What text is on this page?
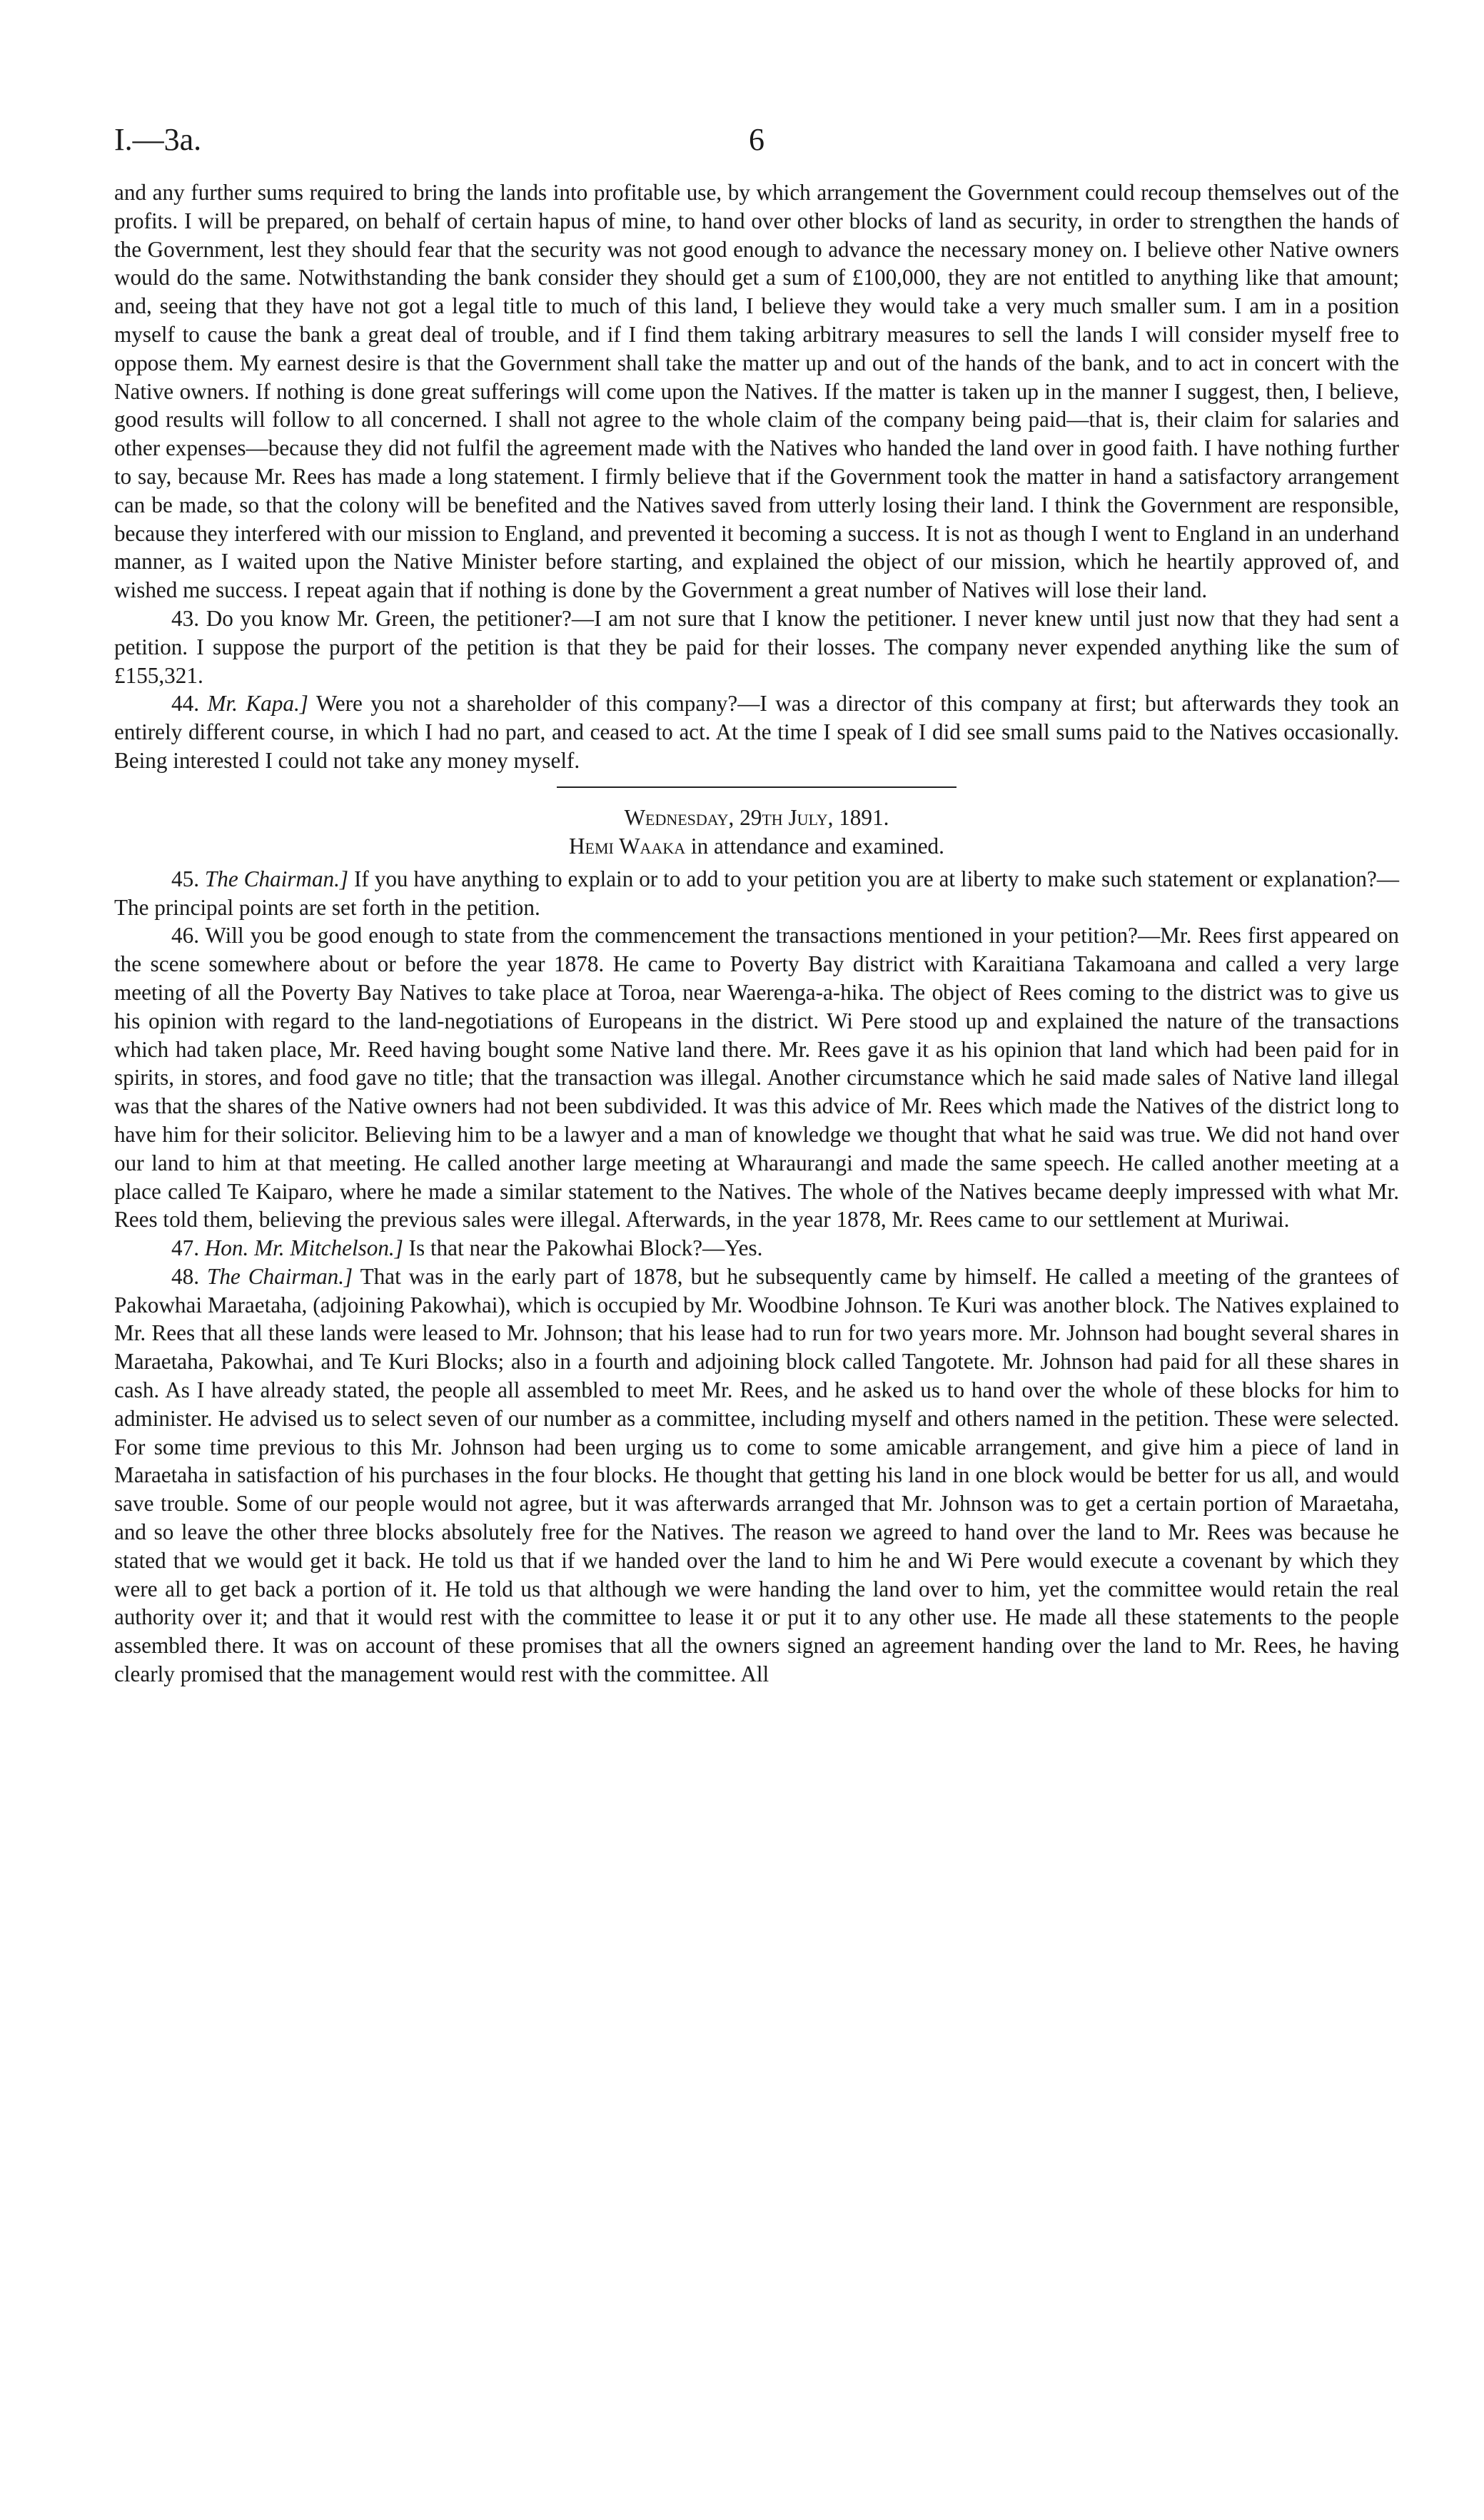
I.—3a.	6

and any further sums required to bring the lands into profitable use, by which arrangement the Government could recoup themselves out of the profits. I will be prepared, on behalf of certain hapus of mine, to hand over other blocks of land as security, in order to strengthen the hands of the Government, lest they should fear that the security was not good enough to advance the necessary money on. I believe other Native owners would do the same. Notwithstanding the bank consider they should get a sum of £100,000, they are not entitled to anything like that amount; and, seeing that they have not got a legal title to much of this land, I believe they would take a very much smaller sum. I am in a position myself to cause the bank a great deal of trouble, and if I find them taking arbitrary measures to sell the lands I will consider myself free to oppose them. My earnest desire is that the Government shall take the matter up and out of the hands of the bank, and to act in concert with the Native owners. If nothing is done great sufferings will come upon the Natives. If the matter is taken up in the manner I suggest, then, I believe, good results will follow to all concerned. I shall not agree to the whole claim of the company being paid—that is, their claim for salaries and other expenses—because they did not fulfil the agreement made with the Natives who handed the land over in good faith. I have nothing further to say, because Mr. Rees has made a long statement. I firmly believe that if the Government took the matter in hand a satisfactory arrangement can be made, so that the colony will be benefited and the Natives saved from utterly losing their land. I think the Government are responsible, because they interfered with our mission to England, and prevented it becoming a success. It is not as though I went to England in an underhand manner, as I waited upon the Native Minister before starting, and explained the object of our mission, which he heartily approved of, and wished me success. I repeat again that if nothing is done by the Government a great number of Natives will lose their land.

43. Do you know Mr. Green, the petitioner?—I am not sure that I know the petitioner. I never knew until just now that they had sent a petition. I suppose the purport of the petition is that they be paid for their losses. The company never expended anything like the sum of £155,321.

44. Mr. Kapa.] Were you not a shareholder of this company?—I was a director of this company at first; but afterwards they took an entirely different course, in which I had no part, and ceased to act. At the time I speak of I did see small sums paid to the Natives occasionally. Being interested I could not take any money myself.

Wednesday, 29th July, 1891.
Hemi Waaka in attendance and examined.

45. The Chairman.] If you have anything to explain or to add to your petition you are at liberty to make such statement or explanation?—The principal points are set forth in the petition.

46. Will you be good enough to state from the commencement the transactions mentioned in your petition?—Mr. Rees first appeared on the scene somewhere about or before the year 1878. He came to Poverty Bay district with Karaitiana Takamoana and called a very large meeting of all the Poverty Bay Natives to take place at Toroa, near Waerenga-a-hika. The object of Rees coming to the district was to give us his opinion with regard to the land-negotiations of Europeans in the district. Wi Pere stood up and explained the nature of the transactions which had taken place, Mr. Reed having bought some Native land there. Mr. Rees gave it as his opinion that land which had been paid for in spirits, in stores, and food gave no title; that the transaction was illegal. Another circumstance which he said made sales of Native land illegal was that the shares of the Native owners had not been subdivided. It was this advice of Mr. Rees which made the Natives of the district long to have him for their solicitor. Believing him to be a lawyer and a man of knowledge we thought that what he said was true. We did not hand over our land to him at that meeting. He called another large meeting at Wharaurangi and made the same speech. He called another meeting at a place called Te Kaiparo, where he made a similar statement to the Natives. The whole of the Natives became deeply impressed with what Mr. Rees told them, believing the previous sales were illegal. Afterwards, in the year 1878, Mr. Rees came to our settlement at Muriwai.

47. Hon. Mr. Mitchelson.] Is that near the Pakowhai Block?—Yes.

48. The Chairman.] That was in the early part of 1878, but he subsequently came by himself. He called a meeting of the grantees of Pakowhai Maraetaha, (adjoining Pakowhai), which is occupied by Mr. Woodbine Johnson. Te Kuri was another block. The Natives explained to Mr. Rees that all these lands were leased to Mr. Johnson; that his lease had to run for two years more. Mr. Johnson had bought several shares in Maraetaha, Pakowhai, and Te Kuri Blocks; also in a fourth and adjoining block called Tangotete. Mr. Johnson had paid for all these shares in cash. As I have already stated, the people all assembled to meet Mr. Rees, and he asked us to hand over the whole of these blocks for him to administer. He advised us to select seven of our number as a committee, including myself and others named in the petition. These were selected. For some time previous to this Mr. Johnson had been urging us to come to some amicable arrangement, and give him a piece of land in Maraetaha in satisfaction of his purchases in the four blocks. He thought that getting his land in one block would be better for us all, and would save trouble. Some of our people would not agree, but it was afterwards arranged that Mr. Johnson was to get a certain portion of Maraetaha, and so leave the other three blocks absolutely free for the Natives. The reason we agreed to hand over the land to Mr. Rees was because he stated that we would get it back. He told us that if we handed over the land to him he and Wi Pere would execute a covenant by which they were all to get back a portion of it. He told us that although we were handing the land over to him, yet the committee would retain the real authority over it; and that it would rest with the committee to lease it or put it to any other use. He made all these statements to the people assembled there. It was on account of these promises that all the owners signed an agreement handing over the land to Mr. Rees, he having clearly promised that the management would rest with the committee. All
